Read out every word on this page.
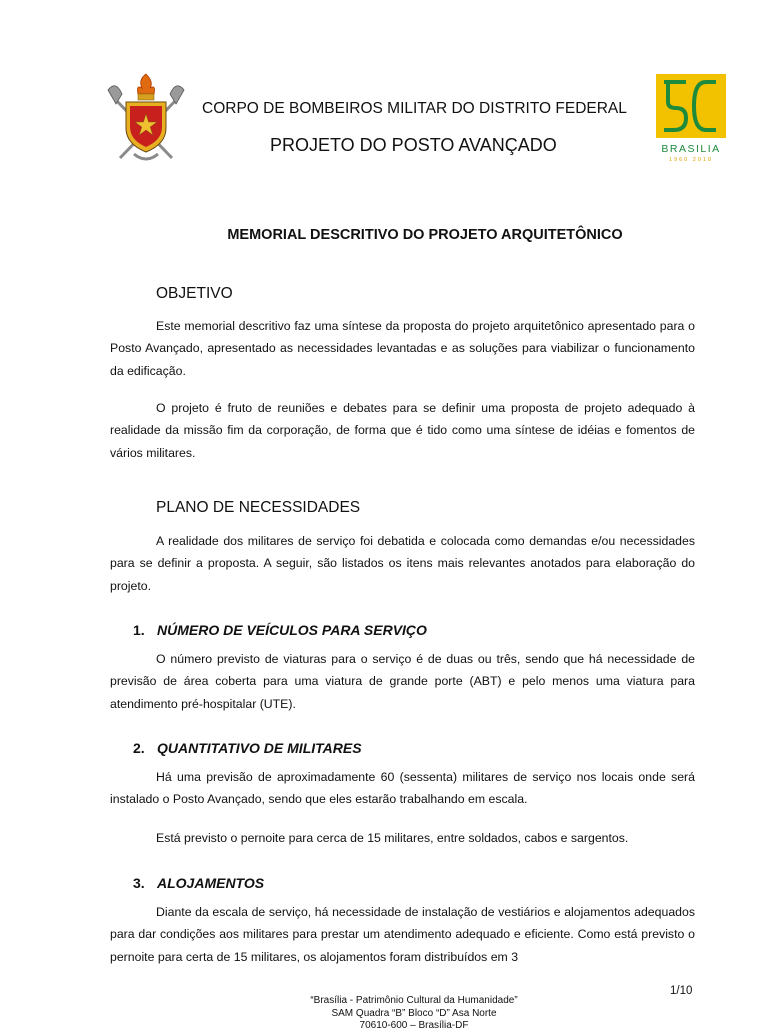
CORPO DE BOMBEIROS MILITAR DO DISTRITO FEDERAL
PROJETO DO POSTO AVANÇADO	BRASILIA
1960 2010
MEMORIAL DESCRITIVO DO PROJETO ARQUITETÔNICO
OBJETIVO

Este memorial descritivo faz uma síntese da proposta do projeto arquitetônico apresentado para o Posto Avançado, apresentado as necessidades levantadas e as soluções para viabilizar o funcionamento da edificação.

O projeto é fruto de reuniões e debates para se definir uma proposta de projeto adequado à realidade da missão fim da corporação, de forma que é tido como uma síntese de idéias e fomentos de vários militares.

PLANO DE NECESSIDADES

A realidade dos militares de serviço foi debatida e colocada como demandas e/ou necessidades para se definir a proposta. A seguir, são listados os itens mais relevantes anotados para elaboração do projeto.

1. NÚMERO DE VEÍCULOS PARA SERVIÇO

O número previsto de viaturas para o serviço é de duas ou três, sendo que há necessidade de previsão de área coberta para uma viatura de grande porte (ABT) e pelo menos uma viatura para atendimento pré-hospitalar (UTE).

2. QUANTITATIVO DE MILITARES

Há uma previsão de aproximadamente 60 (sessenta) militares de serviço nos locais onde será instalado o Posto Avançado, sendo que eles estarão trabalhando em escala.

Está previsto o pernoite para cerca de 15 militares, entre soldados, cabos e sargentos.

3. ALOJAMENTOS

Diante da escala de serviço, há necessidade de instalação de vestiários e alojamentos adequados para dar condições aos militares para prestar um atendimento adequado e eficiente. Como está previsto o pernoite para certa de 15 militares, os alojamentos foram distribuídos em 3

1/10
“Brasília - Patrimônio Cultural da Humanidade”
SAM Quadra “B” Bloco “D” Asa Norte
70610-600 – Brasília-DF
